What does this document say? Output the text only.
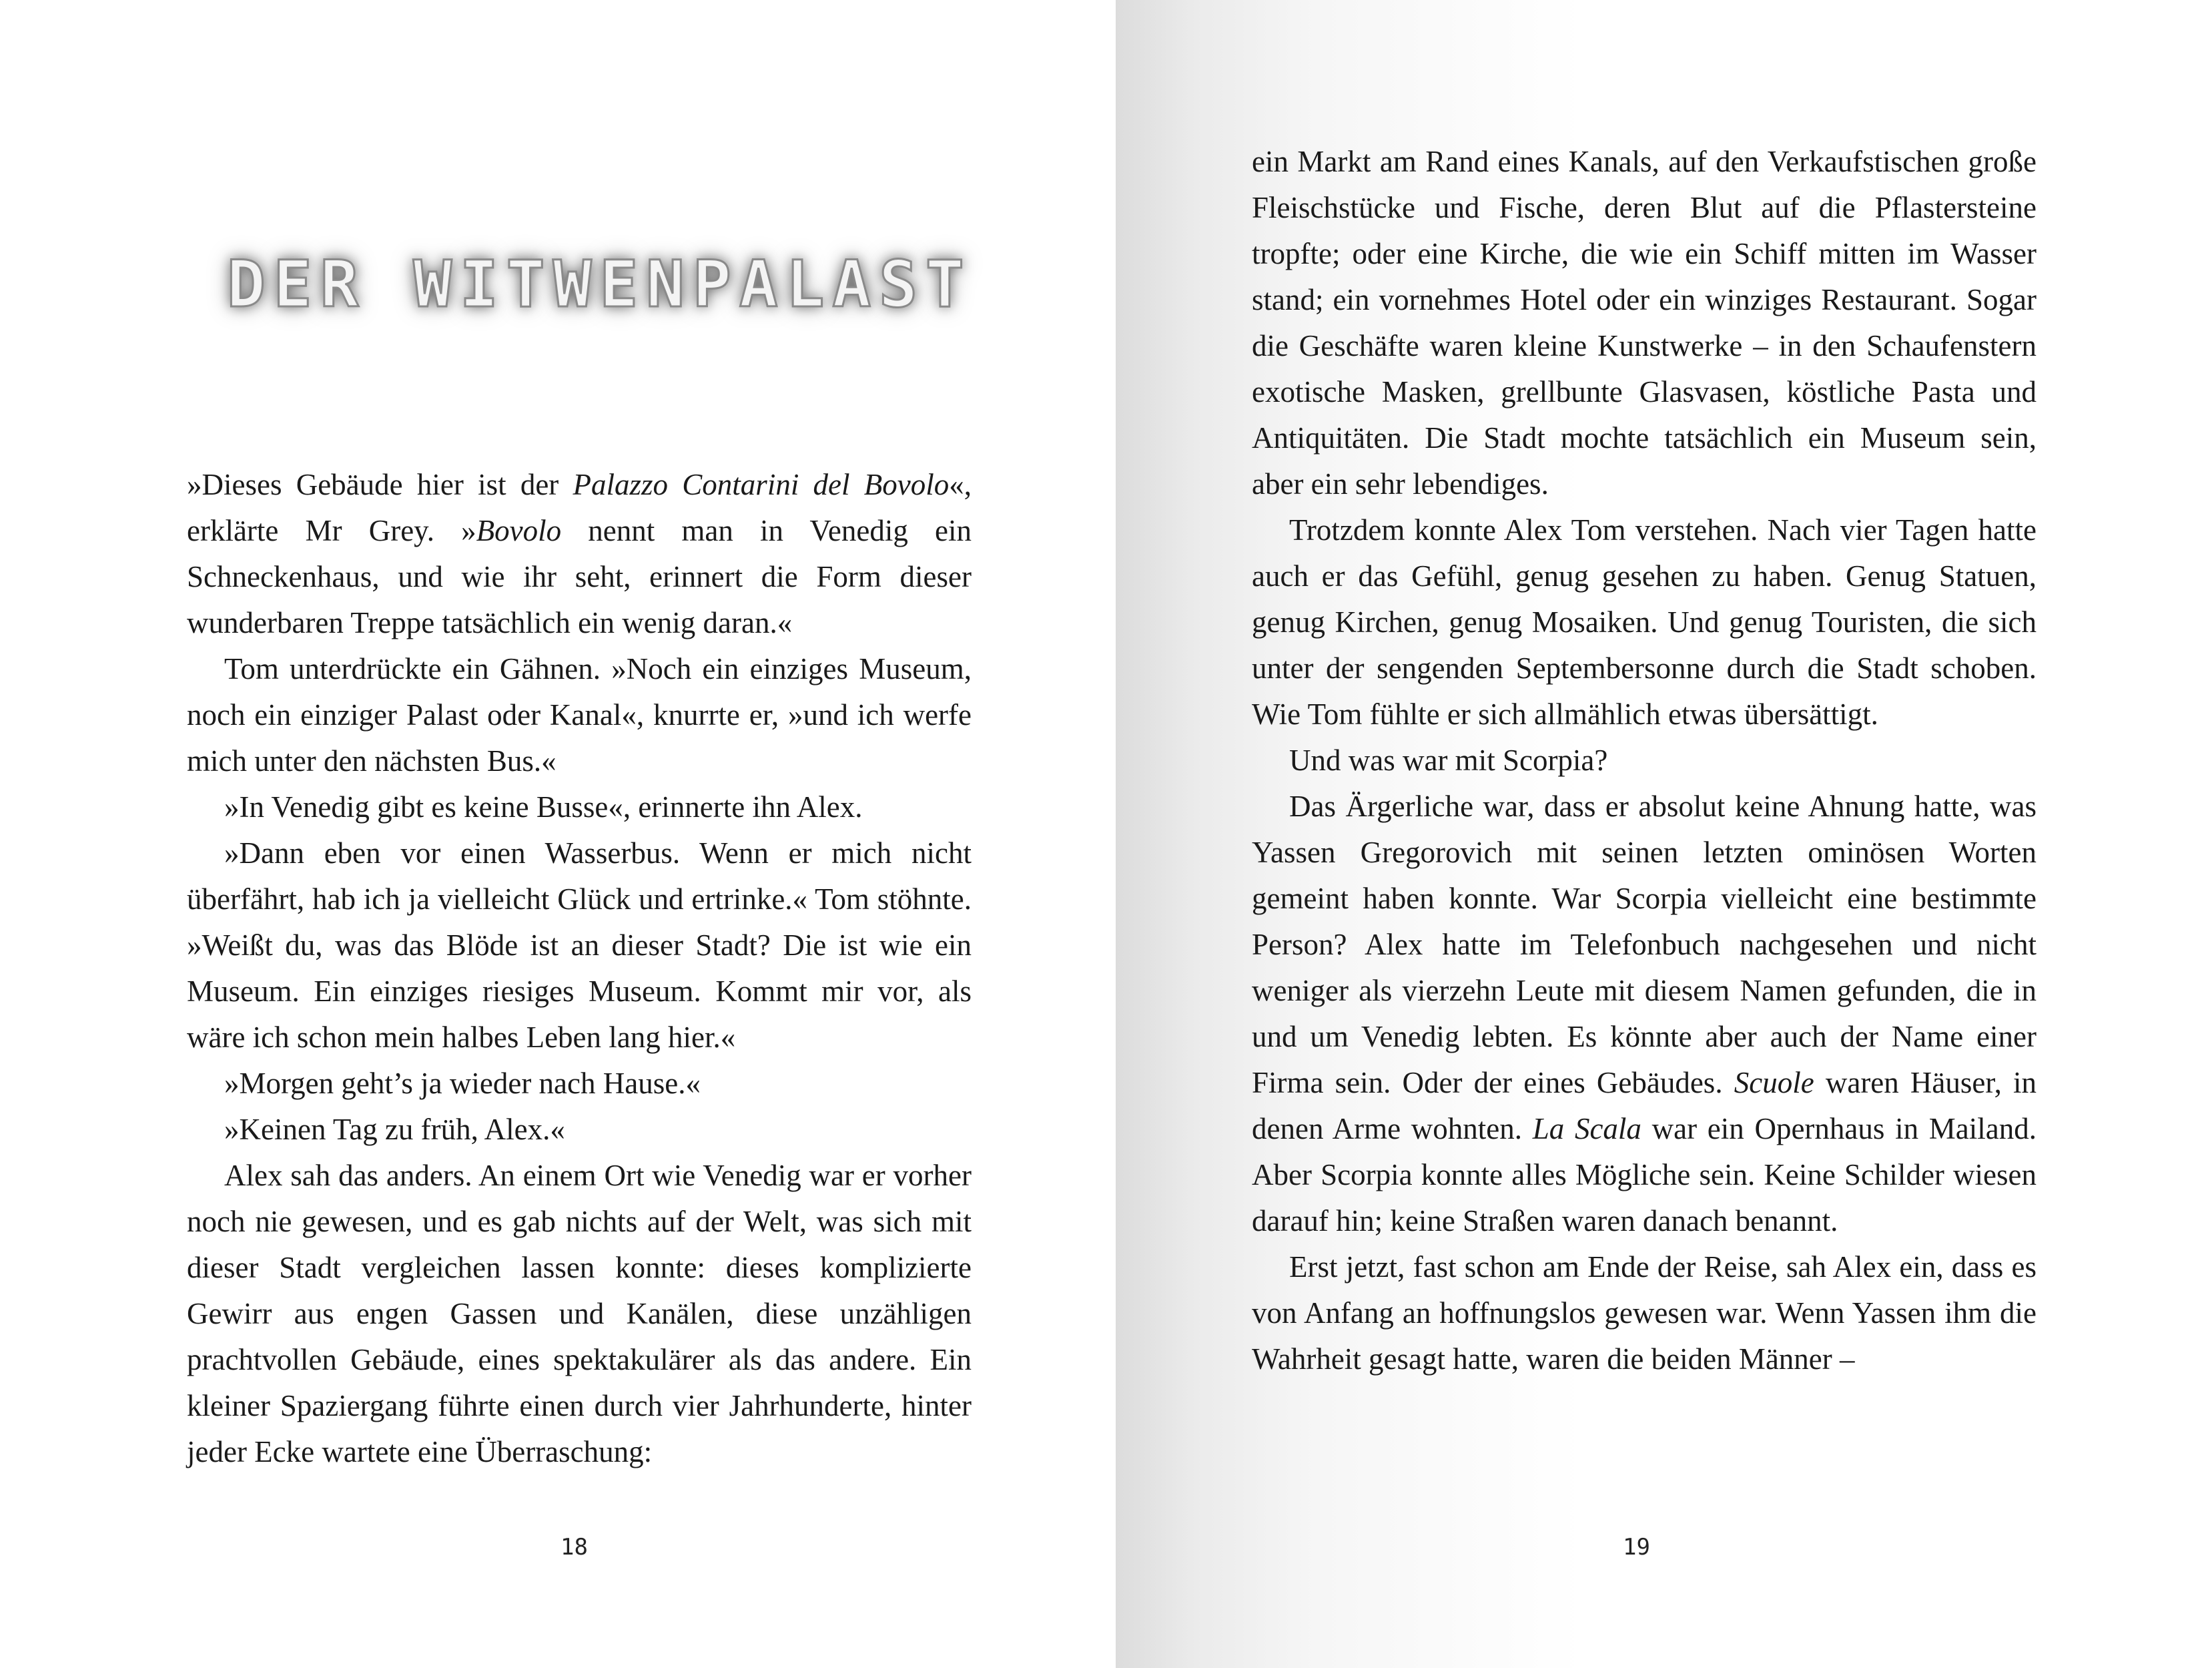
DER WITWENPALAST

»Dieses Gebäude hier ist der Palazzo Contarini del Bovolo«, erklärte Mr Grey. »Bovolo nennt man in Venedig ein Schneckenhaus, und wie ihr seht, erinnert die Form dieser wunderbaren Treppe tatsächlich ein wenig daran.«

Tom unterdrückte ein Gähnen. »Noch ein einziges Museum, noch ein einziger Palast oder Kanal«, knurrte er, »und ich werfe mich unter den nächsten Bus.«

»In Venedig gibt es keine Busse«, erinnerte ihn Alex.

»Dann eben vor einen Wasserbus. Wenn er mich nicht überfährt, hab ich ja vielleicht Glück und ertrinke.« Tom stöhnte. »Weißt du, was das Blöde ist an dieser Stadt? Die ist wie ein Museum. Ein einziges riesiges Museum. Kommt mir vor, als wäre ich schon mein halbes Leben lang hier.«

»Morgen geht’s ja wieder nach Hause.«

»Keinen Tag zu früh, Alex.«

Alex sah das anders. An einem Ort wie Venedig war er vorher noch nie gewesen, und es gab nichts auf der Welt, was sich mit dieser Stadt vergleichen lassen konnte: dieses komplizierte Gewirr aus engen Gassen und Kanälen, diese unzähligen prachtvollen Gebäude, eines spektakulärer als das andere. Ein kleiner Spaziergang führte einen durch vier Jahrhunderte, hinter jeder Ecke wartete eine Überraschung:

18	19

ein Markt am Rand eines Kanals, auf den Verkaufstischen große Fleischstücke und Fische, deren Blut auf die Pflastersteine tropfte; oder eine Kirche, die wie ein Schiff mitten im Wasser stand; ein vornehmes Hotel oder ein winziges Restaurant. Sogar die Geschäfte waren kleine Kunstwerke – in den Schaufenstern exotische Masken, grellbunte Glasvasen, köstliche Pasta und Antiquitäten. Die Stadt mochte tatsächlich ein Museum sein, aber ein sehr lebendiges.

Trotzdem konnte Alex Tom verstehen. Nach vier Tagen hatte auch er das Gefühl, genug gesehen zu haben. Genug Statuen, genug Kirchen, genug Mosaiken. Und genug Touristen, die sich unter der sengenden Septembersonne durch die Stadt schoben. Wie Tom fühlte er sich allmählich etwas übersättigt.

Und was war mit Scorpia?

Das Ärgerliche war, dass er absolut keine Ahnung hatte, was Yassen Gregorovich mit seinen letzten ominösen Worten gemeint haben konnte. War Scorpia vielleicht eine bestimmte Person? Alex hatte im Telefonbuch nachgesehen und nicht weniger als vierzehn Leute mit diesem Namen gefunden, die in und um Venedig lebten. Es könnte aber auch der Name einer Firma sein. Oder der eines Gebäudes. Scuole waren Häuser, in denen Arme wohnten. La Scala war ein Opernhaus in Mailand. Aber Scorpia konnte alles Mögliche sein. Keine Schilder wiesen darauf hin; keine Straßen waren danach benannt.

Erst jetzt, fast schon am Ende der Reise, sah Alex ein, dass es von Anfang an hoffnungslos gewesen war. Wenn Yassen ihm die Wahrheit gesagt hatte, waren die beiden Männer –
